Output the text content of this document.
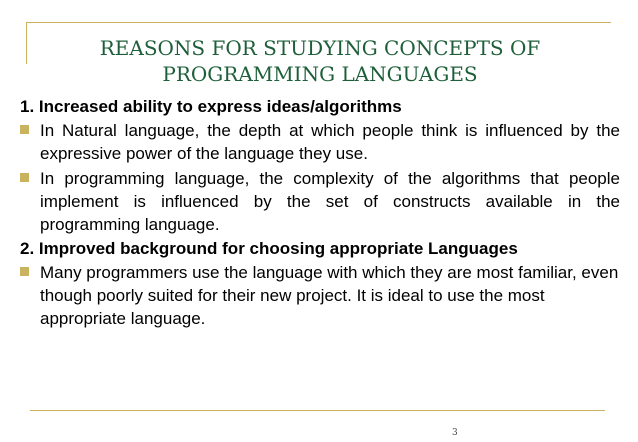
REASONS FOR STUDYING CONCEPTS OF
PROGRAMMING LANGUAGES
1. Increased ability to express ideas/algorithms
In Natural language, the depth at which people think is influenced by the expressive power of the language they use.
In programming language, the complexity of the algorithms that people implement is influenced by the set of constructs available in the programming language.
2. Improved background for choosing appropriate Languages
Many programmers use the language with which they are most familiar, even though poorly suited for their new project. It is ideal to use the most appropriate language.
3
